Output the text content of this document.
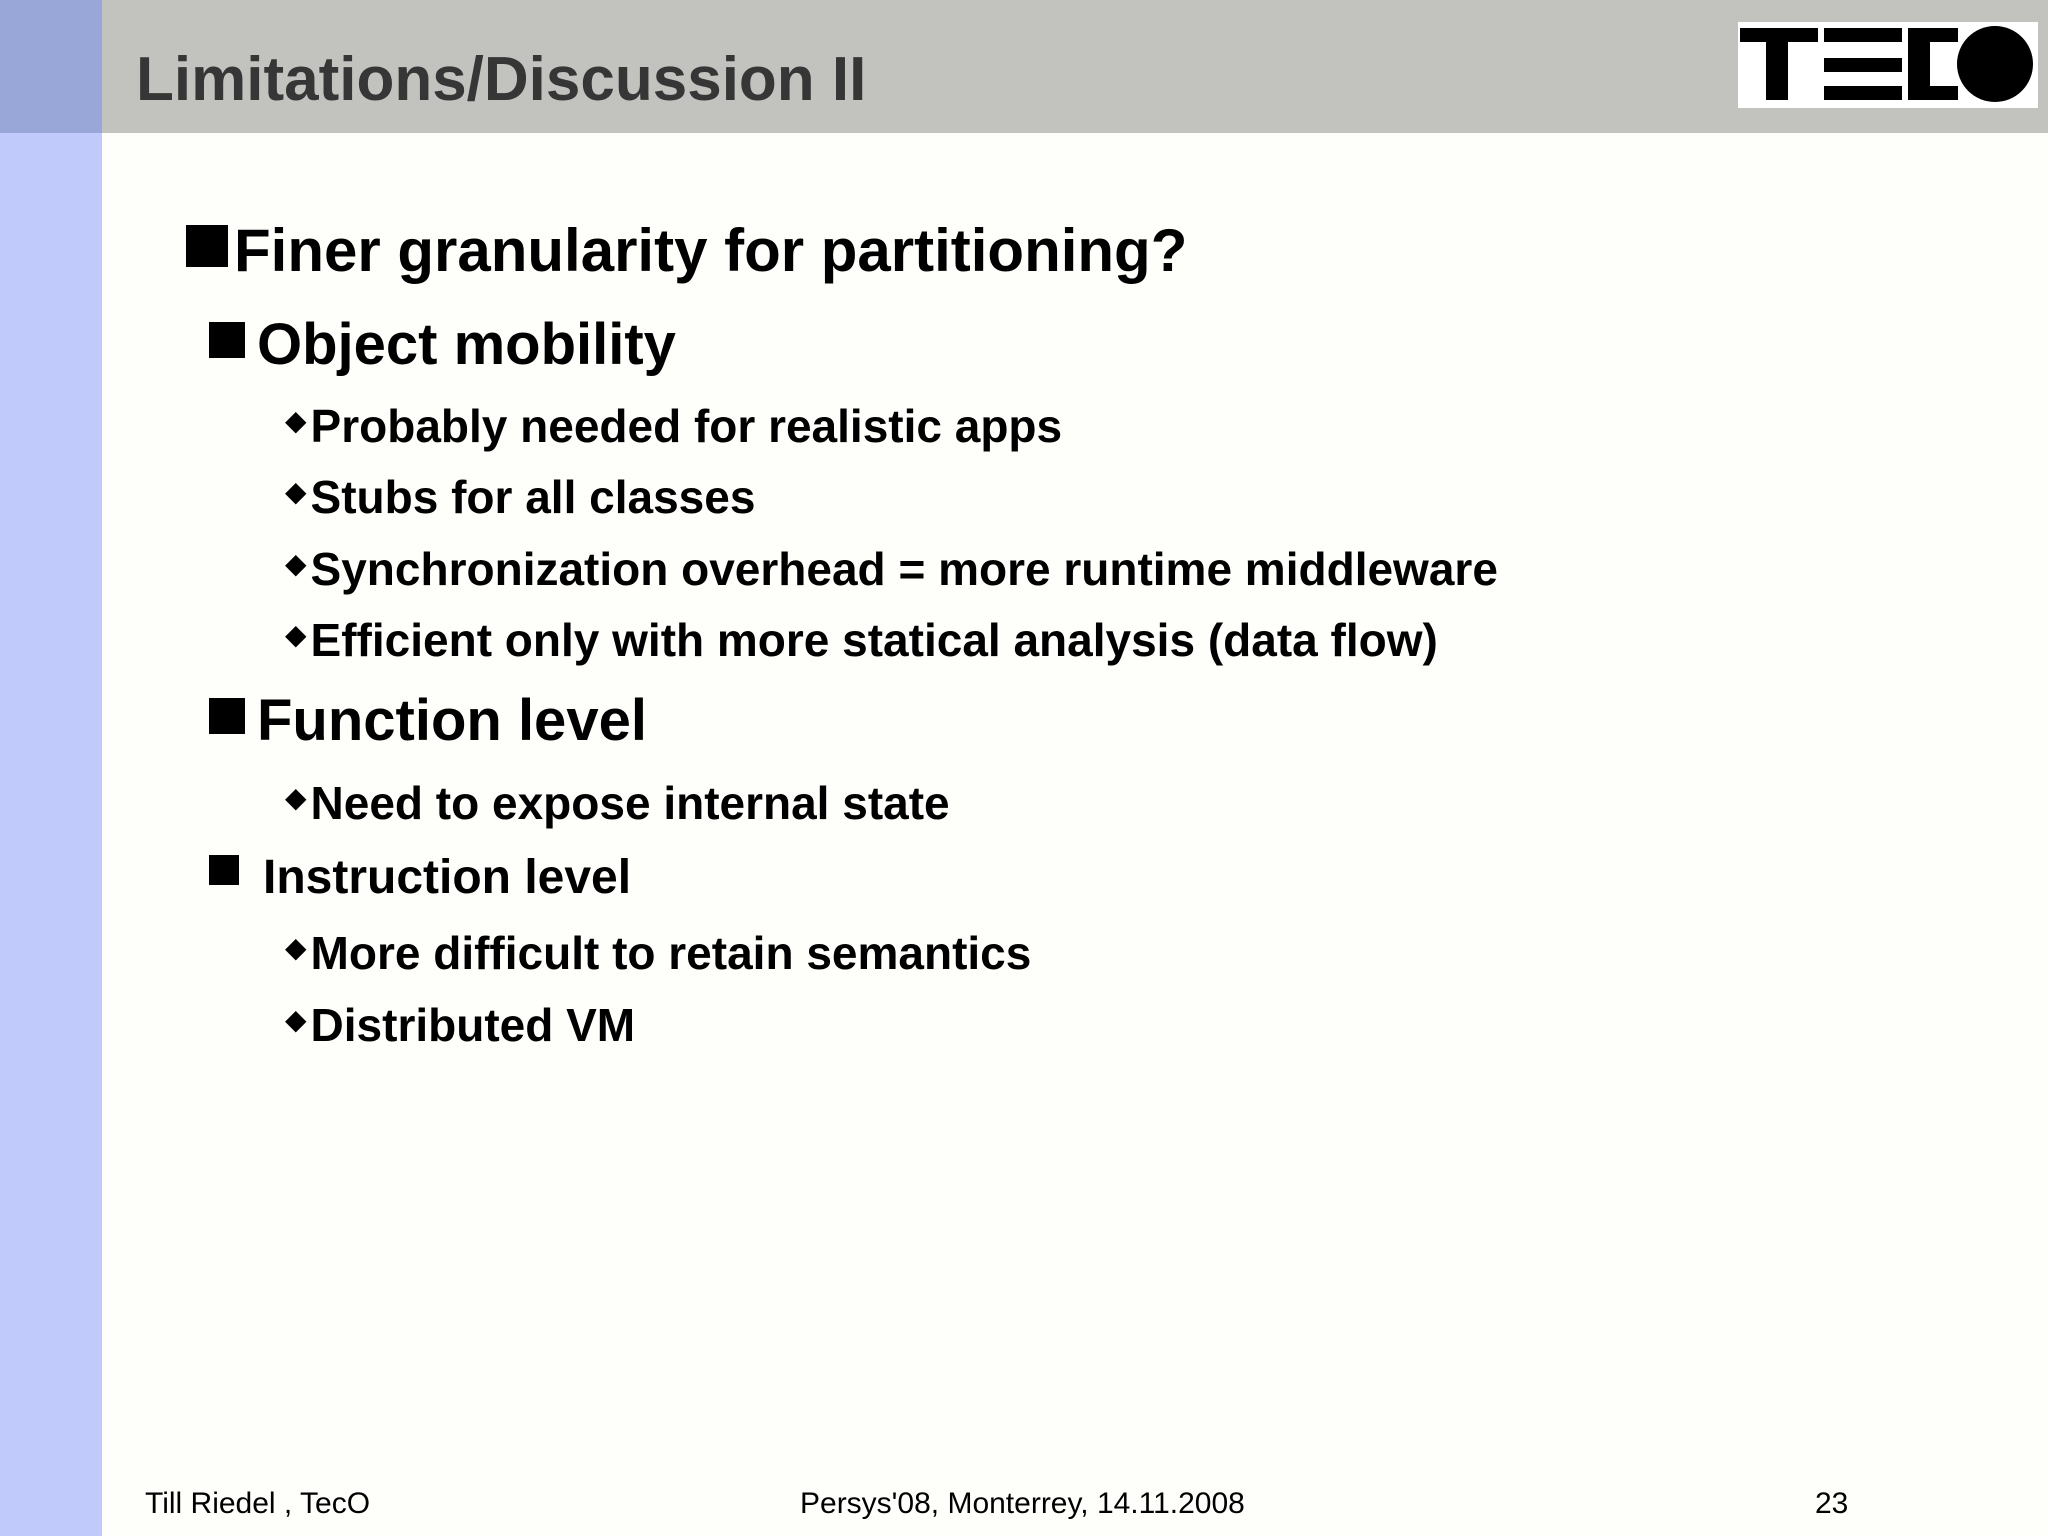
Limitations/Discussion II
Finer granularity for partitioning?
Object mobility
◆Probably needed for realistic apps
◆Stubs for all classes
◆Synchronization overhead = more runtime middleware
◆Efficient only with more statical analysis (data flow)
Function level
◆Need to expose internal state
Instruction level
◆More difficult to retain semantics
◆Distributed VM
Till Riedel , TecO	Persys'08, Monterrey, 14.11.2008	23
